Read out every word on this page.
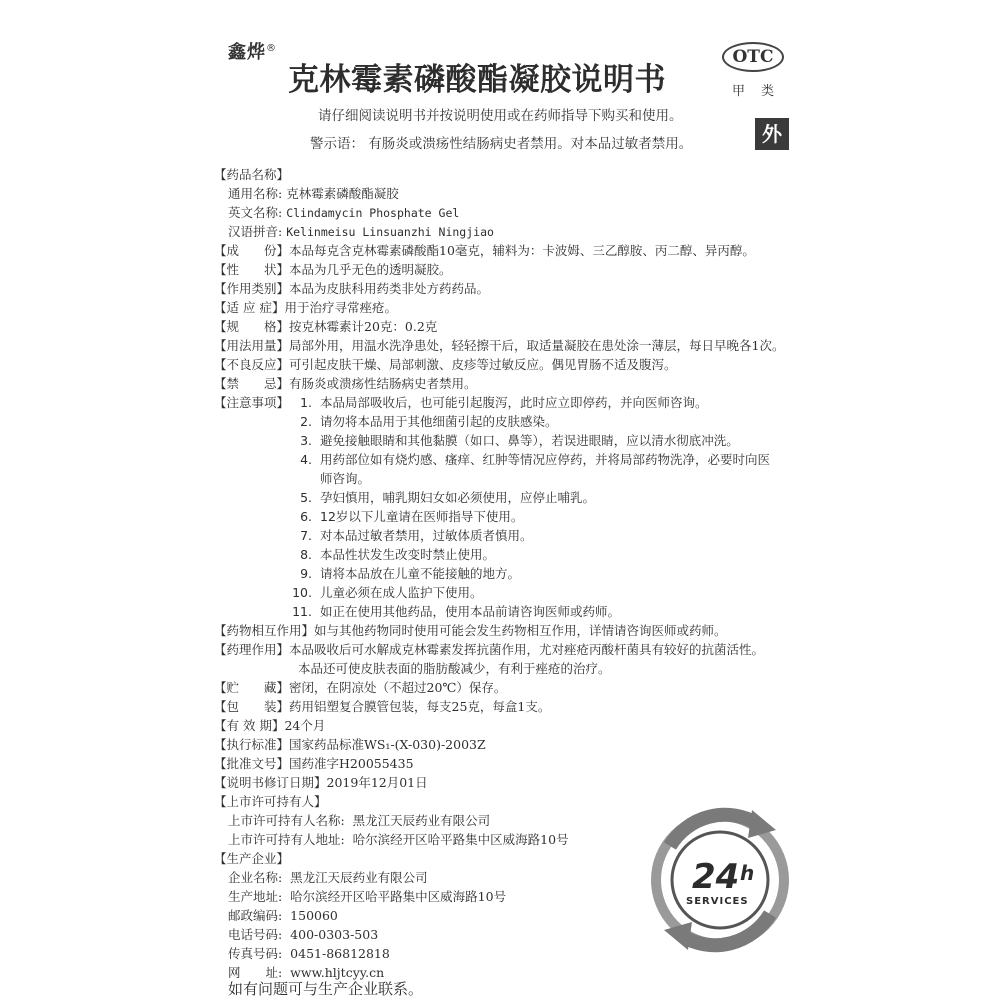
鑫烨®
克林霉素磷酸酯凝胶说明书
OTC
甲类
外
请仔细阅读说明书并按说明使用或在药师指导下购买和使用。
警示语： 有肠炎或溃疡性结肠病史者禁用。对本品过敏者禁用。
【药品名称】
通用名称: 克林霉素磷酸酯凝胶
英文名称: Clindamycin Phosphate Gel
汉语拼音: Kelinmeisu Linsuanzhi Ningjiao
【成　　份】本品每克含克林霉素磷酸酯10毫克，辅料为：卡波姆、三乙醇胺、丙二醇、异丙醇。
【性　　状】本品为几乎无色的透明凝胶。
【作用类别】本品为皮肤科用药类非处方药药品。
【适 应 症】用于治疗寻常痤疮。
【规　　格】按克林霉素计20克：0.2克
【用法用量】局部外用，用温水洗净患处，轻轻擦干后，取适量凝胶在患处涂一薄层，每日早晚各1次。
【不良反应】可引起皮肤干燥、局部刺激、皮疹等过敏反应。偶见胃肠不适及腹泻。
【禁　　忌】有肠炎或溃疡性结肠病史者禁用。
【注意事项】 1. 本品局部吸收后，也可能引起腹泻，此时应立即停药，并向医师咨询。
2. 请勿将本品用于其他细菌引起的皮肤感染。
3. 避免接触眼睛和其他黏膜（如口、鼻等），若误进眼睛，应以清水彻底冲洗。
4. 用药部位如有烧灼感、瘙痒、红肿等情况应停药，并将局部药物洗净，必要时向医
师咨询。
5. 孕妇慎用，哺乳期妇女如必须使用，应停止哺乳。
6. 12岁以下儿童请在医师指导下使用。
7. 对本品过敏者禁用，过敏体质者慎用。
8. 本品性状发生改变时禁止使用。
9. 请将本品放在儿童不能接触的地方。
10. 儿童必须在成人监护下使用。
11. 如正在使用其他药品，使用本品前请咨询医师或药师。
【药物相互作用】如与其他药物同时使用可能会发生药物相互作用，详情请咨询医师或药师。
【药理作用】本品吸收后可水解成克林霉素发挥抗菌作用，尤对痤疮丙酸杆菌具有较好的抗菌活性。
本品还可使皮肤表面的脂肪酸减少，有利于痤疮的治疗。
【贮　　藏】密闭，在阴凉处（不超过20℃）保存。
【包　　装】药用铝塑复合膜管包装，每支25克，每盒1支。
【有 效 期】24个月
【执行标准】国家药品标准WS₁-(X-030)-2003Z
【批准文号】国药准字H20055435
【说明书修订日期】2019年12月01日
【上市许可持有人】
上市许可持有人名称: 黑龙江天辰药业有限公司
上市许可持有人地址: 哈尔滨经开区哈平路集中区威海路10号
【生产企业】
企业名称: 黑龙江天辰药业有限公司
生产地址: 哈尔滨经开区哈平路集中区威海路10号
邮政编码: 150060
电话号码: 400-0303-503
传真号码: 0451-86812818
网　　址: www.hljtcyy.cn
如有问题可与生产企业联系。
24 h
SERVICES
